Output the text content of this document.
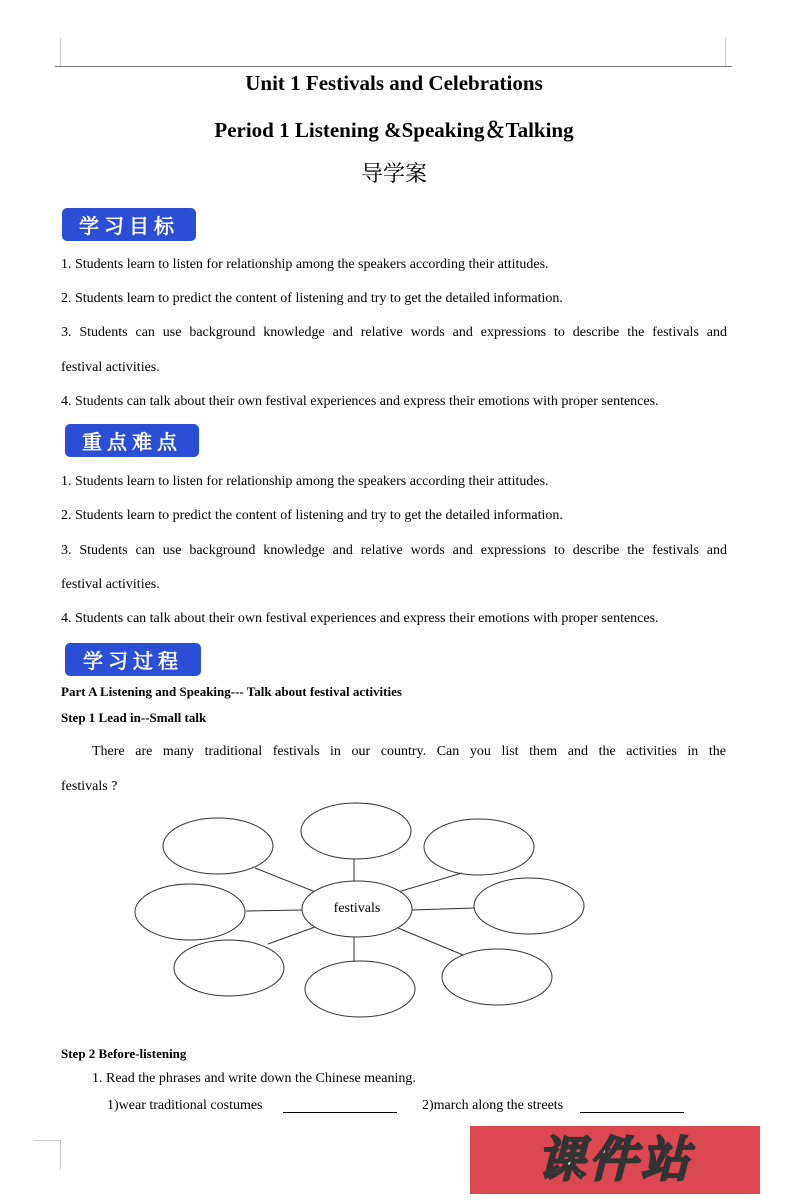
Unit 1 Festivals and Celebrations
Period 1 Listening &Speaking＆Talking
导学案
学习目标
1. Students learn to listen for relationship among the speakers according their attitudes.
2. Students learn to predict the content of listening and try to get the detailed information.
3. Students can use background knowledge and relative words and expressions to describe the festivals and
festival activities.
4. Students can talk about their own festival experiences and express their emotions with proper sentences.
重点难点
1. Students learn to listen for relationship among the speakers according their attitudes.
2. Students learn to predict the content of listening and try to get the detailed information.
3. Students can use background knowledge and relative words and expressions to describe the festivals and
festival activities.
4. Students can talk about their own festival experiences and express their emotions with proper sentences.
学习过程
Part A Listening and Speaking--- Talk about festival activities
Step 1 Lead in--Small talk
There are many traditional festivals in our country. Can you list them and the activities in the
festivals ?
festivals
Step 2 Before-listening
1. Read the phrases and write down the Chinese meaning.
1)wear traditional costumes	2)march along the streets
课件站
